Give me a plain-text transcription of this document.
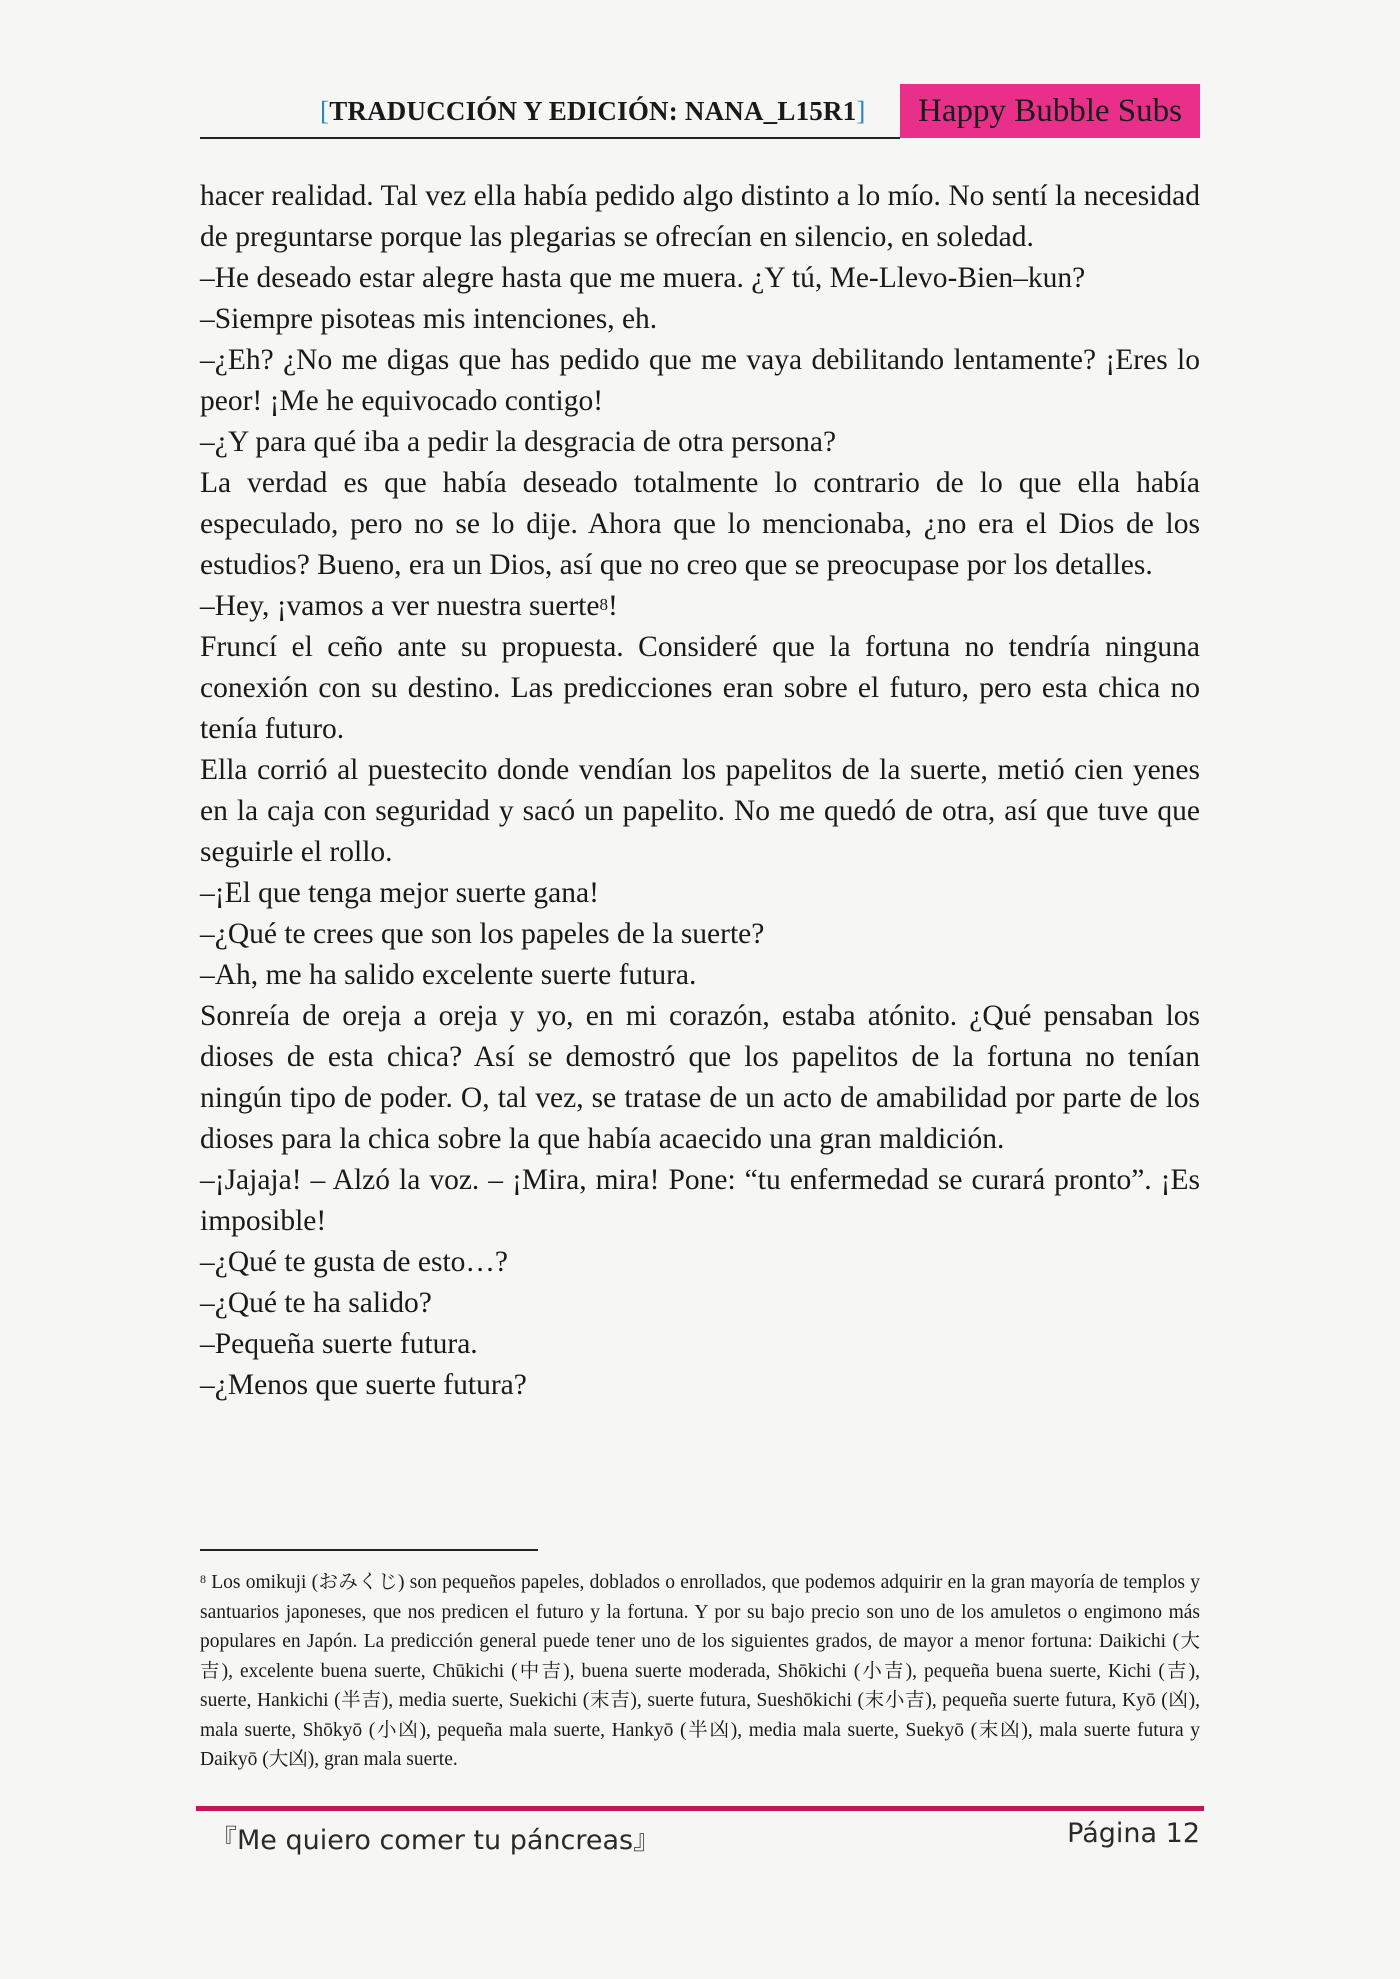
[TRADUCCIÓN Y EDICIÓN: NANA_L15R1]	Happy Bubble Subs

hacer realidad. Tal vez ella había pedido algo distinto a lo mío. No sentí la necesidad de preguntarse porque las plegarias se ofrecían en silencio, en soledad.

–He deseado estar alegre hasta que me muera. ¿Y tú, Me-Llevo-Bien–kun?

–Siempre pisoteas mis intenciones, eh.

–¿Eh? ¿No me digas que has pedido que me vaya debilitando lentamente? ¡Eres lo peor! ¡Me he equivocado contigo!

–¿Y para qué iba a pedir la desgracia de otra persona?

La verdad es que había deseado totalmente lo contrario de lo que ella había especulado, pero no se lo dije. Ahora que lo mencionaba, ¿no era el Dios de los estudios? Bueno, era un Dios, así que no creo que se preocupase por los detalles.

–Hey, ¡vamos a ver nuestra suerte$^8$!

Fruncí el ceño ante su propuesta. Consideré que la fortuna no tendría ninguna conexión con su destino. Las predicciones eran sobre el futuro, pero esta chica no tenía futuro.

Ella corrió al puestecito donde vendían los papelitos de la suerte, metió cien yenes en la caja con seguridad y sacó un papelito. No me quedó de otra, así que tuve que seguirle el rollo.

–¡El que tenga mejor suerte gana!

–¿Qué te crees que son los papeles de la suerte?

–Ah, me ha salido excelente suerte futura.

Sonreía de oreja a oreja y yo, en mi corazón, estaba atónito. ¿Qué pensaban los dioses de esta chica? Así se demostró que los papelitos de la fortuna no tenían ningún tipo de poder. O, tal vez, se tratase de un acto de amabilidad por parte de los dioses para la chica sobre la que había acaecido una gran maldición.

–¡Jajaja! – Alzó la voz. – ¡Mira, mira! Pone: “tu enfermedad se curará pronto”. ¡Es imposible!

–¿Qué te gusta de esto…?

–¿Qué te ha salido?

–Pequeña suerte futura.

–¿Menos que suerte futura?

$^8$ Los omikuji (おみくじ) son pequeños papeles, doblados o enrollados, que podemos adquirir en la gran mayoría de templos y santuarios japoneses, que nos predicen el futuro y la fortuna. Y por su bajo precio son uno de los amuletos o engimono más populares en Japón. La predicción general puede tener uno de los siguientes grados, de mayor a menor fortuna: Daikichi (大吉), excelente buena suerte, Chūkichi (中吉), buena suerte moderada, Shōkichi (小吉), pequeña buena suerte, Kichi (吉), suerte, Hankichi (半吉), media suerte, Suekichi (末吉), suerte futura, Sueshōkichi (末小吉), pequeña suerte futura, Kyō (凶), mala suerte, Shōkyō (小凶), pequeña mala suerte, Hankyō (半凶), media mala suerte, Suekyō (末凶), mala suerte futura y Daikyō (大凶), gran mala suerte.
『Me quiero comer tu páncreas』	Página 12
